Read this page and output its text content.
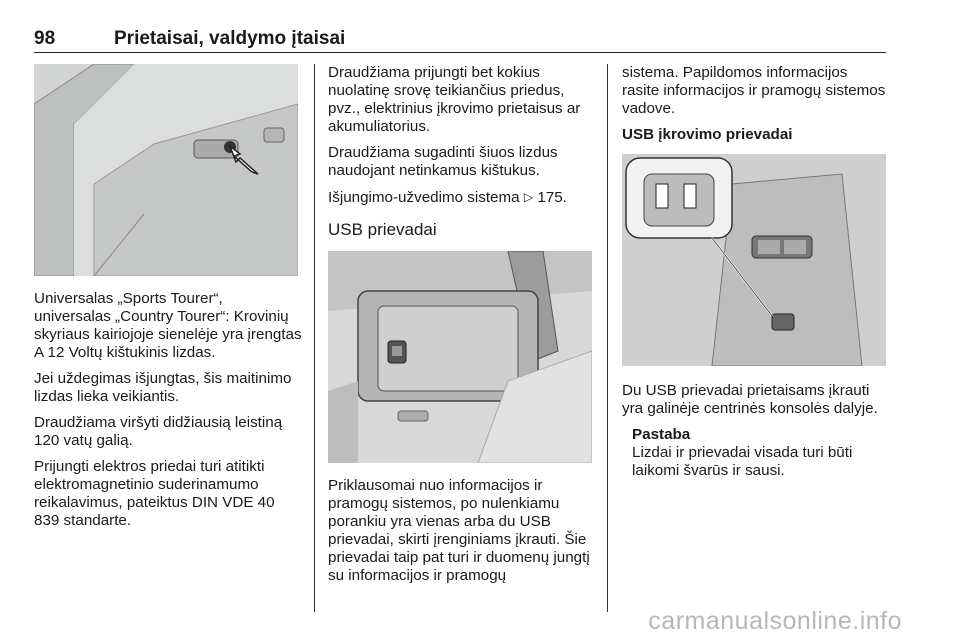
98	Prietaisai, valdymo įtaisai

Universalas „Sports Tourer“, universalas „Country Tourer“: Krovinių skyriaus kairiojoje sienelėje yra įrengtas A 12 Voltų kištukinis lizdas.

Jei uždegimas išjungtas, šis maitinimo lizdas lieka veikiantis.

Draudžiama viršyti didžiausią leistiną 120 vatų galią.

Prijungti elektros priedai turi atitikti elektromagnetinio suderinamumo reikalavimus, pateiktus DIN VDE 40 839 standarte.

Draudžiama prijungti bet kokius nuolatinę srovę teikiančius priedus, pvz., elektrinius įkrovimo prietaisus ar akumuliatorius.

Draudžiama sugadinti šiuos lizdus naudojant netinkamus kištukus.

Išjungimo-užvedimo sistema ▷ 175.

USB prievadai

Priklausomai nuo informacijos ir pramogų sistemos, po nulenkiamu porankiu yra vienas arba du USB prievadai, skirti įrenginiams įkrauti. Šie prievadai taip pat turi ir duomenų jungtį su informacijos ir pramogų

sistema. Papildomos informacijos rasite informacijos ir pramogų sistemos vadove.

USB įkrovimo prievadai

Du USB prievadai prietaisams įkrauti yra galinėje centrinės konsolės dalyje.

Pastaba
Lizdai ir prievadai visada turi būti laikomi švarūs ir sausi.
carmanualsonline.info
